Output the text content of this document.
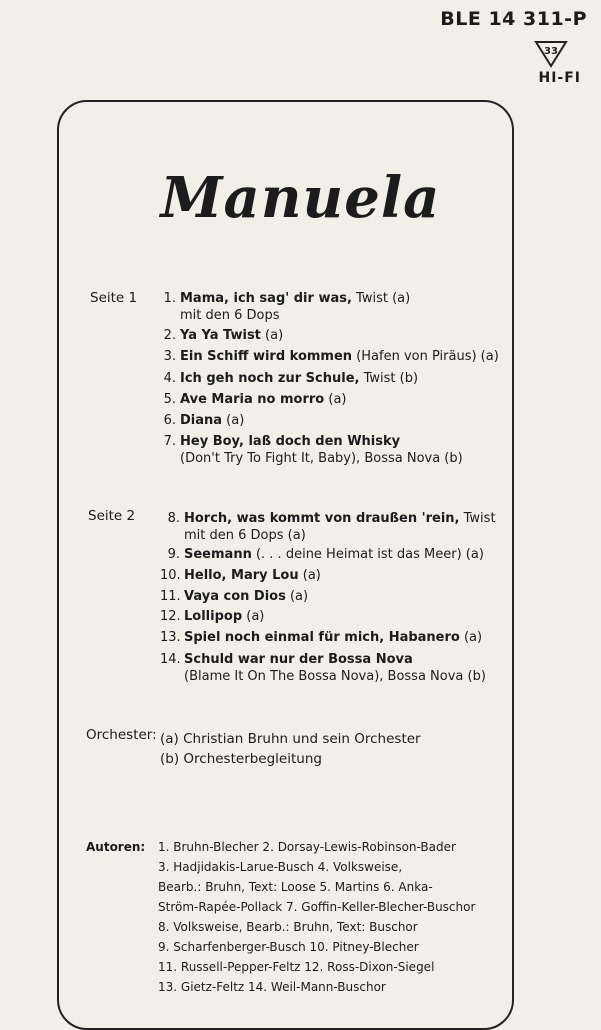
BLE 14 311-P
33
HI-FI
Manuela
Seite 1 1. Mama, ich sag' dir was, Twist (a)
mit den 6 Dops
2. Ya Ya Twist (a)
3. Ein Schiff wird kommen (Hafen von Piräus) (a)
4. Ich geh noch zur Schule, Twist (b)
5. Ave Maria no morro (a)
6. Diana (a)
7. Hey Boy, laß doch den Whisky
(Don't Try To Fight It, Baby), Bossa Nova (b)
Seite 2 8. Horch, was kommt von draußen 'rein, Twist
mit den 6 Dops (a)
9. Seemann (. . . deine Heimat ist das Meer) (a)
10. Hello, Mary Lou (a)
11. Vaya con Dios (a)
12. Lollipop (a)
13. Spiel noch einmal für mich, Habanero (a)
14. Schuld war nur der Bossa Nova
(Blame It On The Bossa Nova), Bossa Nova (b)
Orchester: (a) Christian Bruhn und sein Orchester
(b) Orchesterbegleitung
Autoren: 1. Bruhn-Blecher 2. Dorsay-Lewis-Robinson-Bader
3. Hadjidakis-Larue-Busch 4. Volksweise,
Bearb.: Bruhn, Text: Loose 5. Martins 6. Anka-
Ström-Rapée-Pollack 7. Goffin-Keller-Blecher-Buschor
8. Volksweise, Bearb.: Bruhn, Text: Buschor
9. Scharfenberger-Busch 10. Pitney-Blecher
11. Russell-Pepper-Feltz 12. Ross-Dixon-Siegel
13. Gietz-Feltz 14. Weil-Mann-Buschor
